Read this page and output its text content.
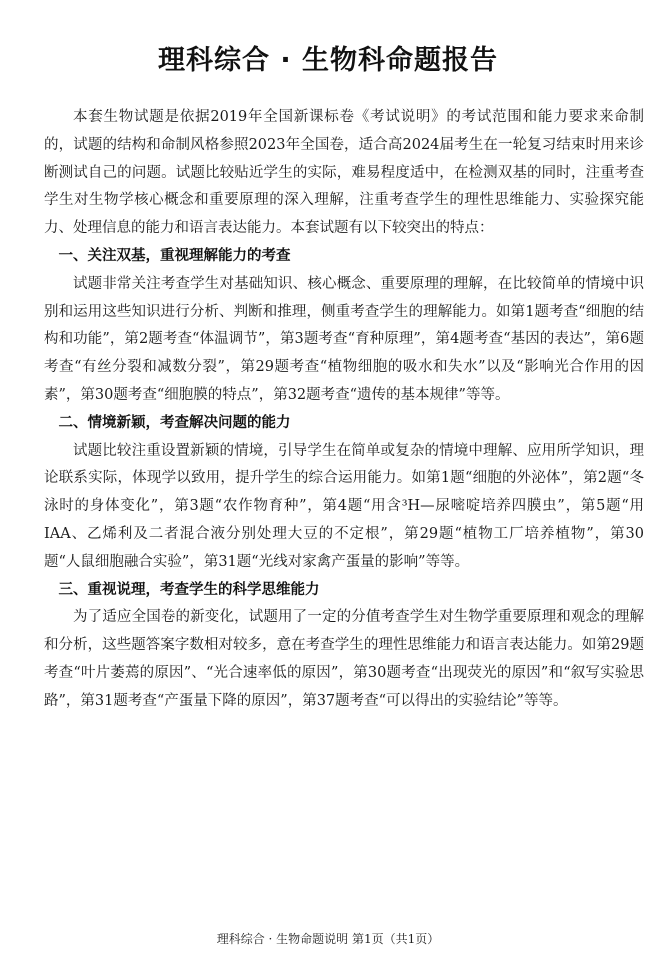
理科综合 · 生物科命题报告

本套生物试题是依据2019年全国新课标卷《考试说明》的考试范围和能力要求来命制的，试题的结构和命制风格参照2023年全国卷，适合高2024届考生在一轮复习结束时用来诊断测试自己的问题。试题比较贴近学生的实际，难易程度适中，在检测双基的同时，注重考查学生对生物学核心概念和重要原理的深入理解，注重考查学生的理性思维能力、实验探究能力、处理信息的能力和语言表达能力。本套试题有以下较突出的特点：

一、关注双基，重视理解能力的考查

试题非常关注考查学生对基础知识、核心概念、重要原理的理解，在比较简单的情境中识别和运用这些知识进行分析、判断和推理，侧重考查学生的理解能力。如第1题考查“细胞的结构和功能”，第2题考查“体温调节”，第3题考查“育种原理”，第4题考查“基因的表达”，第6题考查“有丝分裂和减数分裂”，第29题考查“植物细胞的吸水和失水”以及“影响光合作用的因素”，第30题考查“细胞膜的特点”，第32题考查“遗传的基本规律”等等。

二、情境新颖，考查解决问题的能力

试题比较注重设置新颖的情境，引导学生在简单或复杂的情境中理解、应用所学知识，理论联系实际，体现学以致用，提升学生的综合运用能力。如第1题“细胞的外泌体”，第2题“冬泳时的身体变化”，第3题“农作物育种”，第4题“用含³H—尿嘧啶培养四膜虫”，第5题“用IAA、乙烯利及二者混合液分别处理大豆的不定根”，第29题“植物工厂培养植物”，第30题“人鼠细胞融合实验”，第31题“光线对家禽产蛋量的影响”等等。

三、重视说理，考查学生的科学思维能力

为了适应全国卷的新变化，试题用了一定的分值考查学生对生物学重要原理和观念的理解和分析，这些题答案字数相对较多，意在考查学生的理性思维能力和语言表达能力。如第29题考查“叶片萎蔫的原因”、“光合速率低的原因”，第30题考查“出现荧光的原因”和“叙写实验思路”，第31题考查“产蛋量下降的原因”，第37题考查“可以得出的实验结论”等等。

理科综合 · 生物命题说明 第1页（共1页）
